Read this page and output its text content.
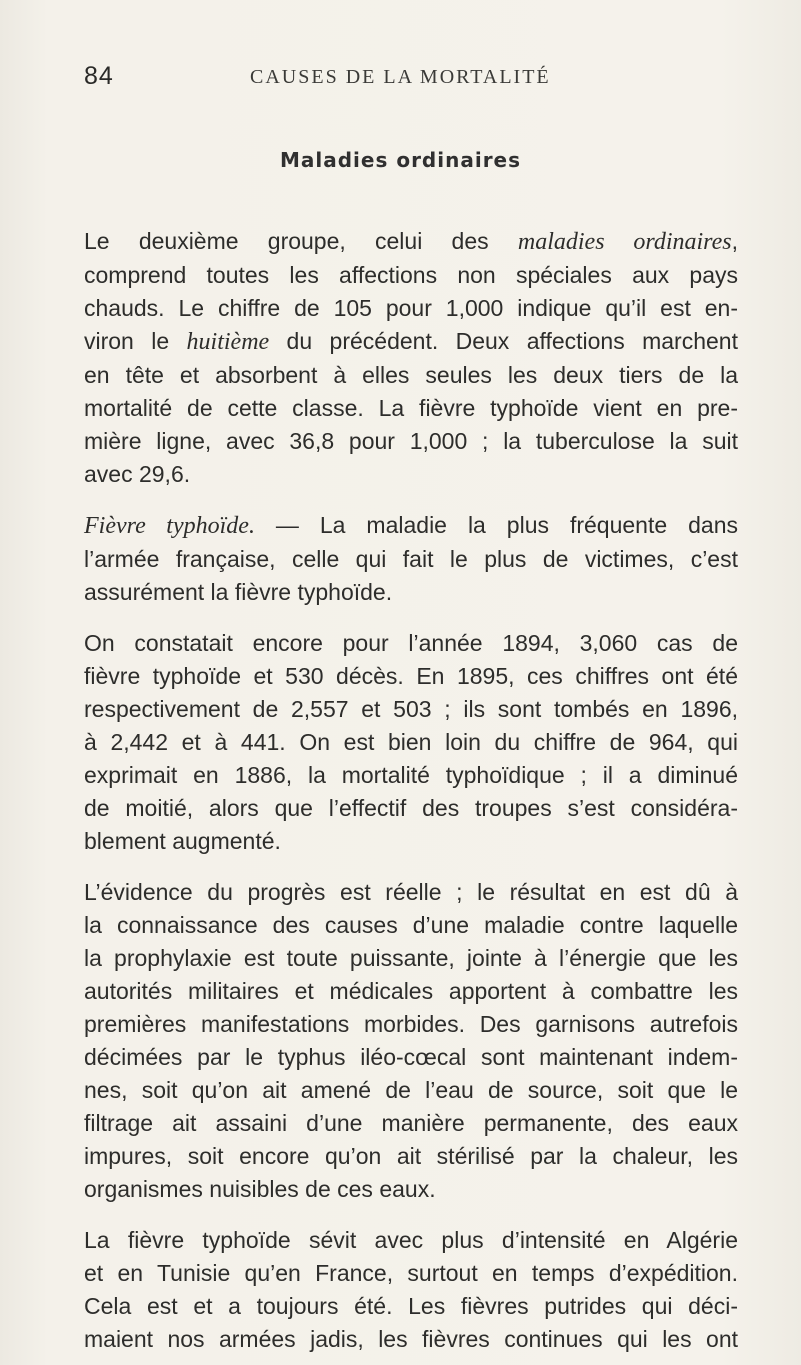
84	CAUSES DE LA MORTALITÉ
Maladies ordinaires

Le deuxième groupe, celui des maladies ordinaires,
comprend toutes les affections non spéciales aux pays
chauds. Le chiffre de 105 pour 1,000 indique qu’il est en-
viron le huitième du précédent. Deux affections marchent
en tête et absorbent à elles seules les deux tiers de la
mortalité de cette classe. La fièvre typhoïde vient en pre-
mière ligne, avec 36,8 pour 1,000 ; la tuberculose la suit
avec 29,6.

Fièvre typhoïde. — La maladie la plus fréquente dans
l’armée française, celle qui fait le plus de victimes, c’est
assurément la fièvre typhoïde.

On constatait encore pour l’année 1894, 3,060 cas de
fièvre typhoïde et 530 décès. En 1895, ces chiffres ont été
respectivement de 2,557 et 503 ; ils sont tombés en 1896,
à 2,442 et à 441. On est bien loin du chiffre de 964, qui
exprimait en 1886, la mortalité typhoïdique ; il a diminué
de moitié, alors que l’effectif des troupes s’est considéra-
blement augmenté.

L’évidence du progrès est réelle ; le résultat en est dû à
la connaissance des causes d’une maladie contre laquelle
la prophylaxie est toute puissante, jointe à l’énergie que les
autorités militaires et médicales apportent à combattre les
premières manifestations morbides. Des garnisons autrefois
décimées par le typhus iléo-cœcal sont maintenant indem-
nes, soit qu’on ait amené de l’eau de source, soit que le
filtrage ait assaini d’une manière permanente, des eaux
impures, soit encore qu’on ait stérilisé par la chaleur, les
organismes nuisibles de ces eaux.

La fièvre typhoïde sévit avec plus d’intensité en Algérie
et en Tunisie qu’en France, surtout en temps d’expédition.
Cela est et a toujours été. Les fièvres putrides qui déci-
maient nos armées jadis, les fièvres continues qui les ont
